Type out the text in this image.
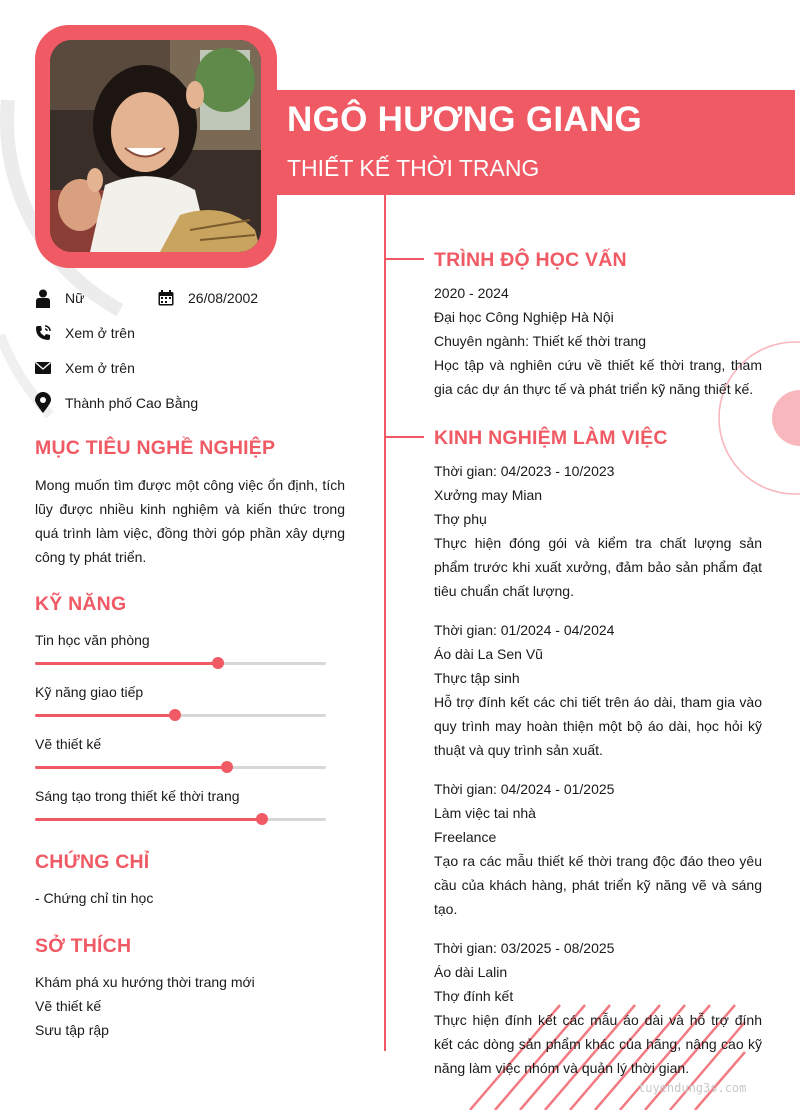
NGÔ HƯƠNG GIANG
THIẾT KẾ THỜI TRANG
Nữ	26/08/2002
Xem ở trên
Xem ở trên
Thành phố Cao Bằng
MỤC TIÊU NGHỀ NGHIỆP
Mong muốn tìm được một công việc ổn định, tích lũy được nhiều kinh nghiệm và kiến thức trong quá trình làm việc, đồng thời góp phần xây dựng công ty phát triển.
KỸ NĂNG
Tin học văn phòng
Kỹ năng giao tiếp
Vẽ thiết kế
Sáng tạo trong thiết kế thời trang
CHỨNG CHỈ
- Chứng chỉ tin học
SỞ THÍCH
Khám phá xu hướng thời trang mới
Vẽ thiết kế
Sưu tập rập
TRÌNH ĐỘ HỌC VẤN
2020 - 2024
Đại học Công Nghiệp Hà Nội
Chuyên ngành: Thiết kế thời trang
Học tập và nghiên cứu về thiết kế thời trang, tham gia các dự án thực tế và phát triển kỹ năng thiết kế.
KINH NGHIỆM LÀM VIỆC
Thời gian: 04/2023 - 10/2023
Xưởng may Mian
Thợ phụ
Thực hiện đóng gói và kiểm tra chất lượng sản phẩm trước khi xuất xưởng, đảm bảo sản phẩm đạt tiêu chuẩn chất lượng.
Thời gian: 01/2024 - 04/2024
Áo dài La Sen Vũ
Thực tập sinh
Hỗ trợ đính kết các chi tiết trên áo dài, tham gia vào quy trình may hoàn thiện một bộ áo dài, học hỏi kỹ thuật và quy trình sản xuất.
Thời gian: 04/2024 - 01/2025
Làm việc tai nhà
Freelance
Tạo ra các mẫu thiết kế thời trang độc đáo theo yêu cầu của khách hàng, phát triển kỹ năng vẽ và sáng tạo.
Thời gian: 03/2025 - 08/2025
Áo dài Lalin
Thợ đính kết
Thực hiện đính kết các mẫu áo dài và hỗ trợ đính kết các dòng sản phẩm khác của hãng, nâng cao kỹ năng làm việc nhóm và quản lý thời gian.
tuyendung3s.com
